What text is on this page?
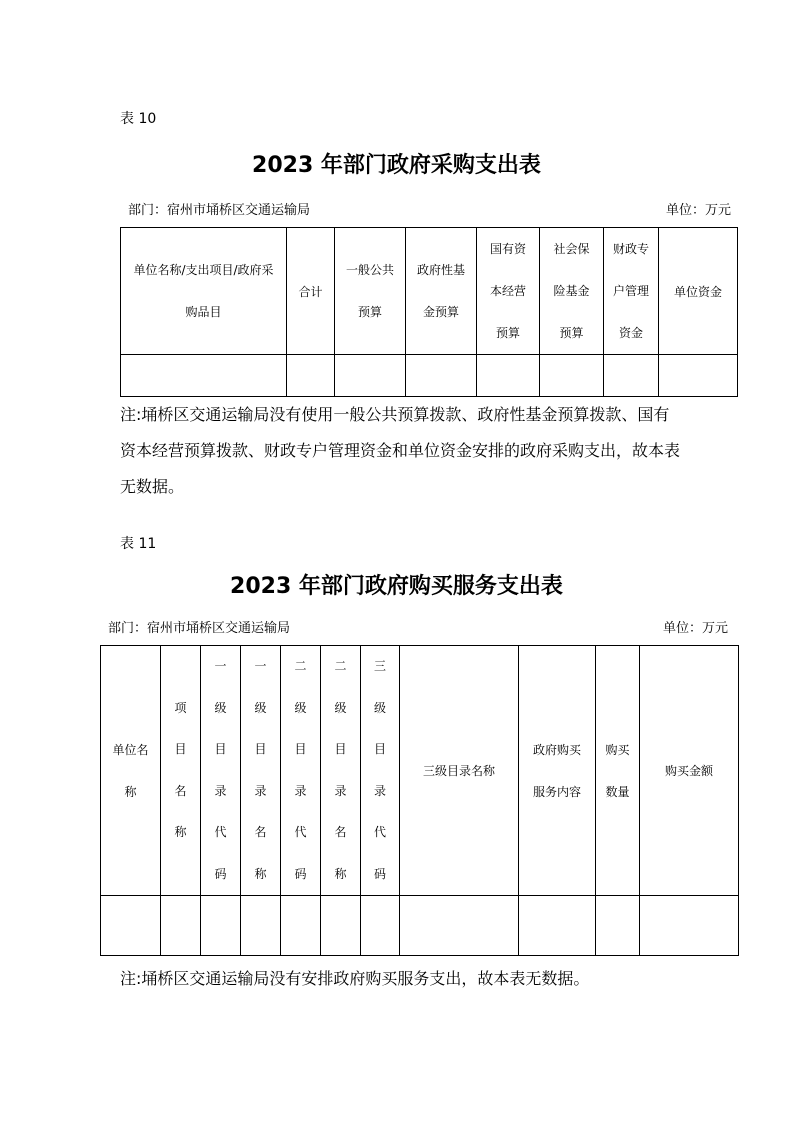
表 10
2023 年部门政府采购支出表
部门：宿州市埇桥区交通运输局	单位：万元
单位名称/支出项目/政府采购品目	合计	一般公共预算	政府性基金预算	国有资本经营预算	社会保险基金预算	财政专户管理资金	单位资金

注:埇桥区交通运输局没有使用一般公共预算拨款、政府性基金预算拨款、国有资本经营预算拨款、财政专户管理资金和单位资金安排的政府采购支出，故本表无数据。
表 11
2023 年部门政府购买服务支出表
部门：宿州市埇桥区交通运输局	单位：万元
单位名称	项目名称	一级目录代码	一级目录名称	二级目录代码	二级目录名称	三级目录代码	三级目录名称	政府购买服务内容	购买数量	购买金额

注:埇桥区交通运输局没有安排政府购买服务支出，故本表无数据。
